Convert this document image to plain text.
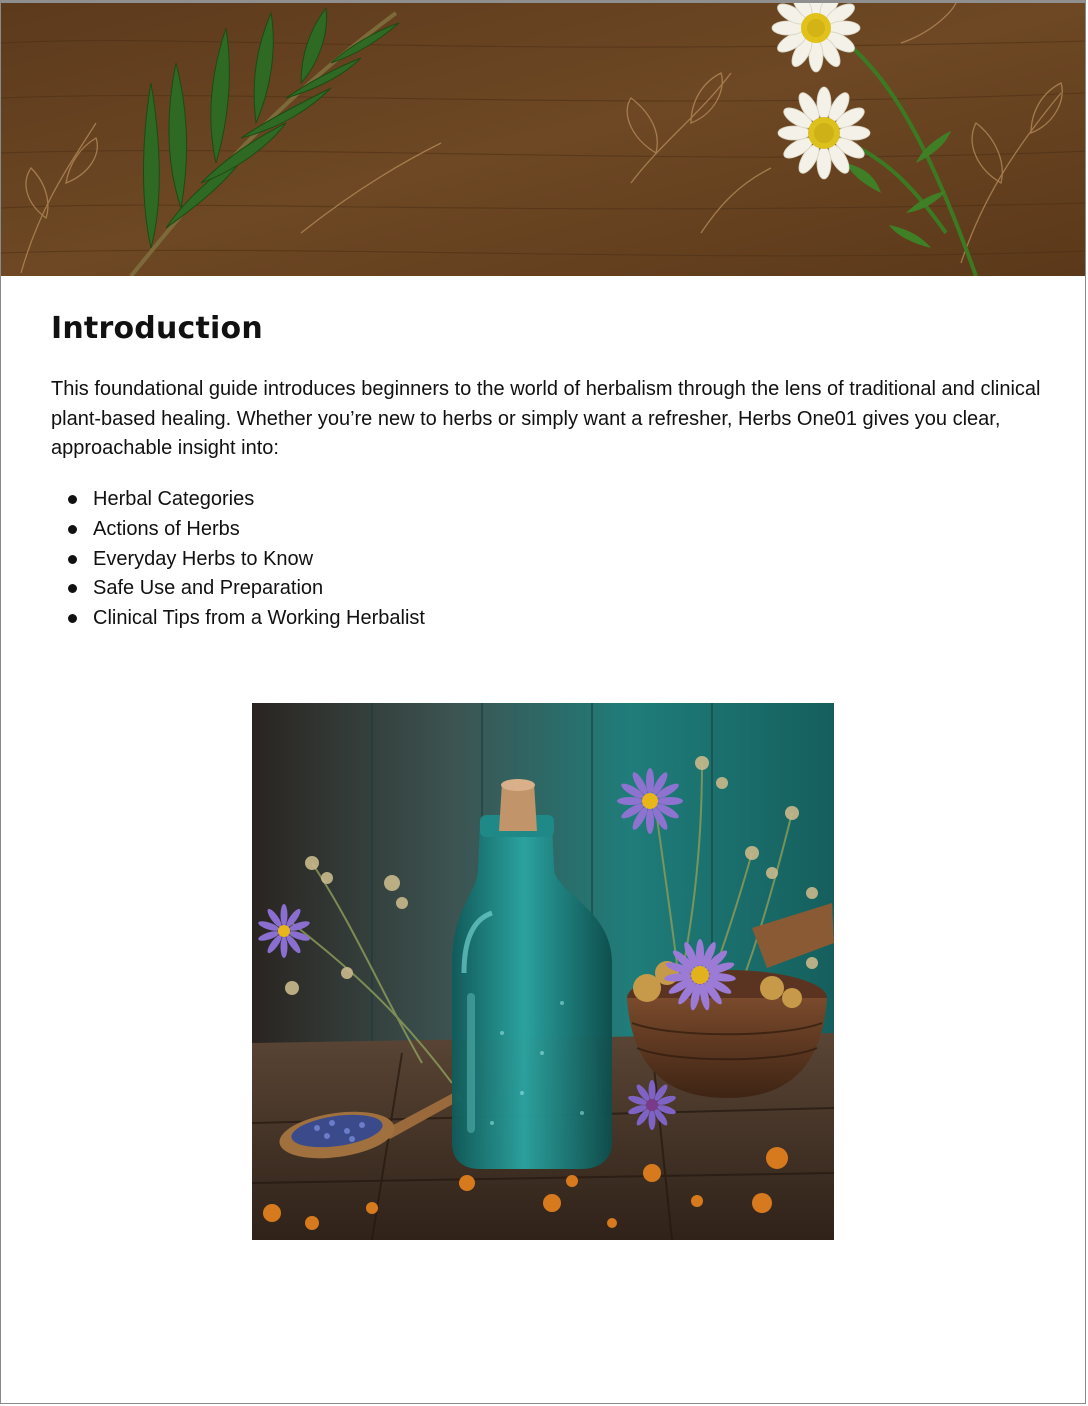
Introduction

This foundational guide introduces beginners to the world of herbalism through the lens of traditional and clinical plant-based healing. Whether you’re new to herbs or simply want a refresher, Herbs One01 gives you clear, approachable insight into:

Herbal Categories
Actions of Herbs
Everyday Herbs to Know
Safe Use and Preparation
Clinical Tips from a Working Herbalist
